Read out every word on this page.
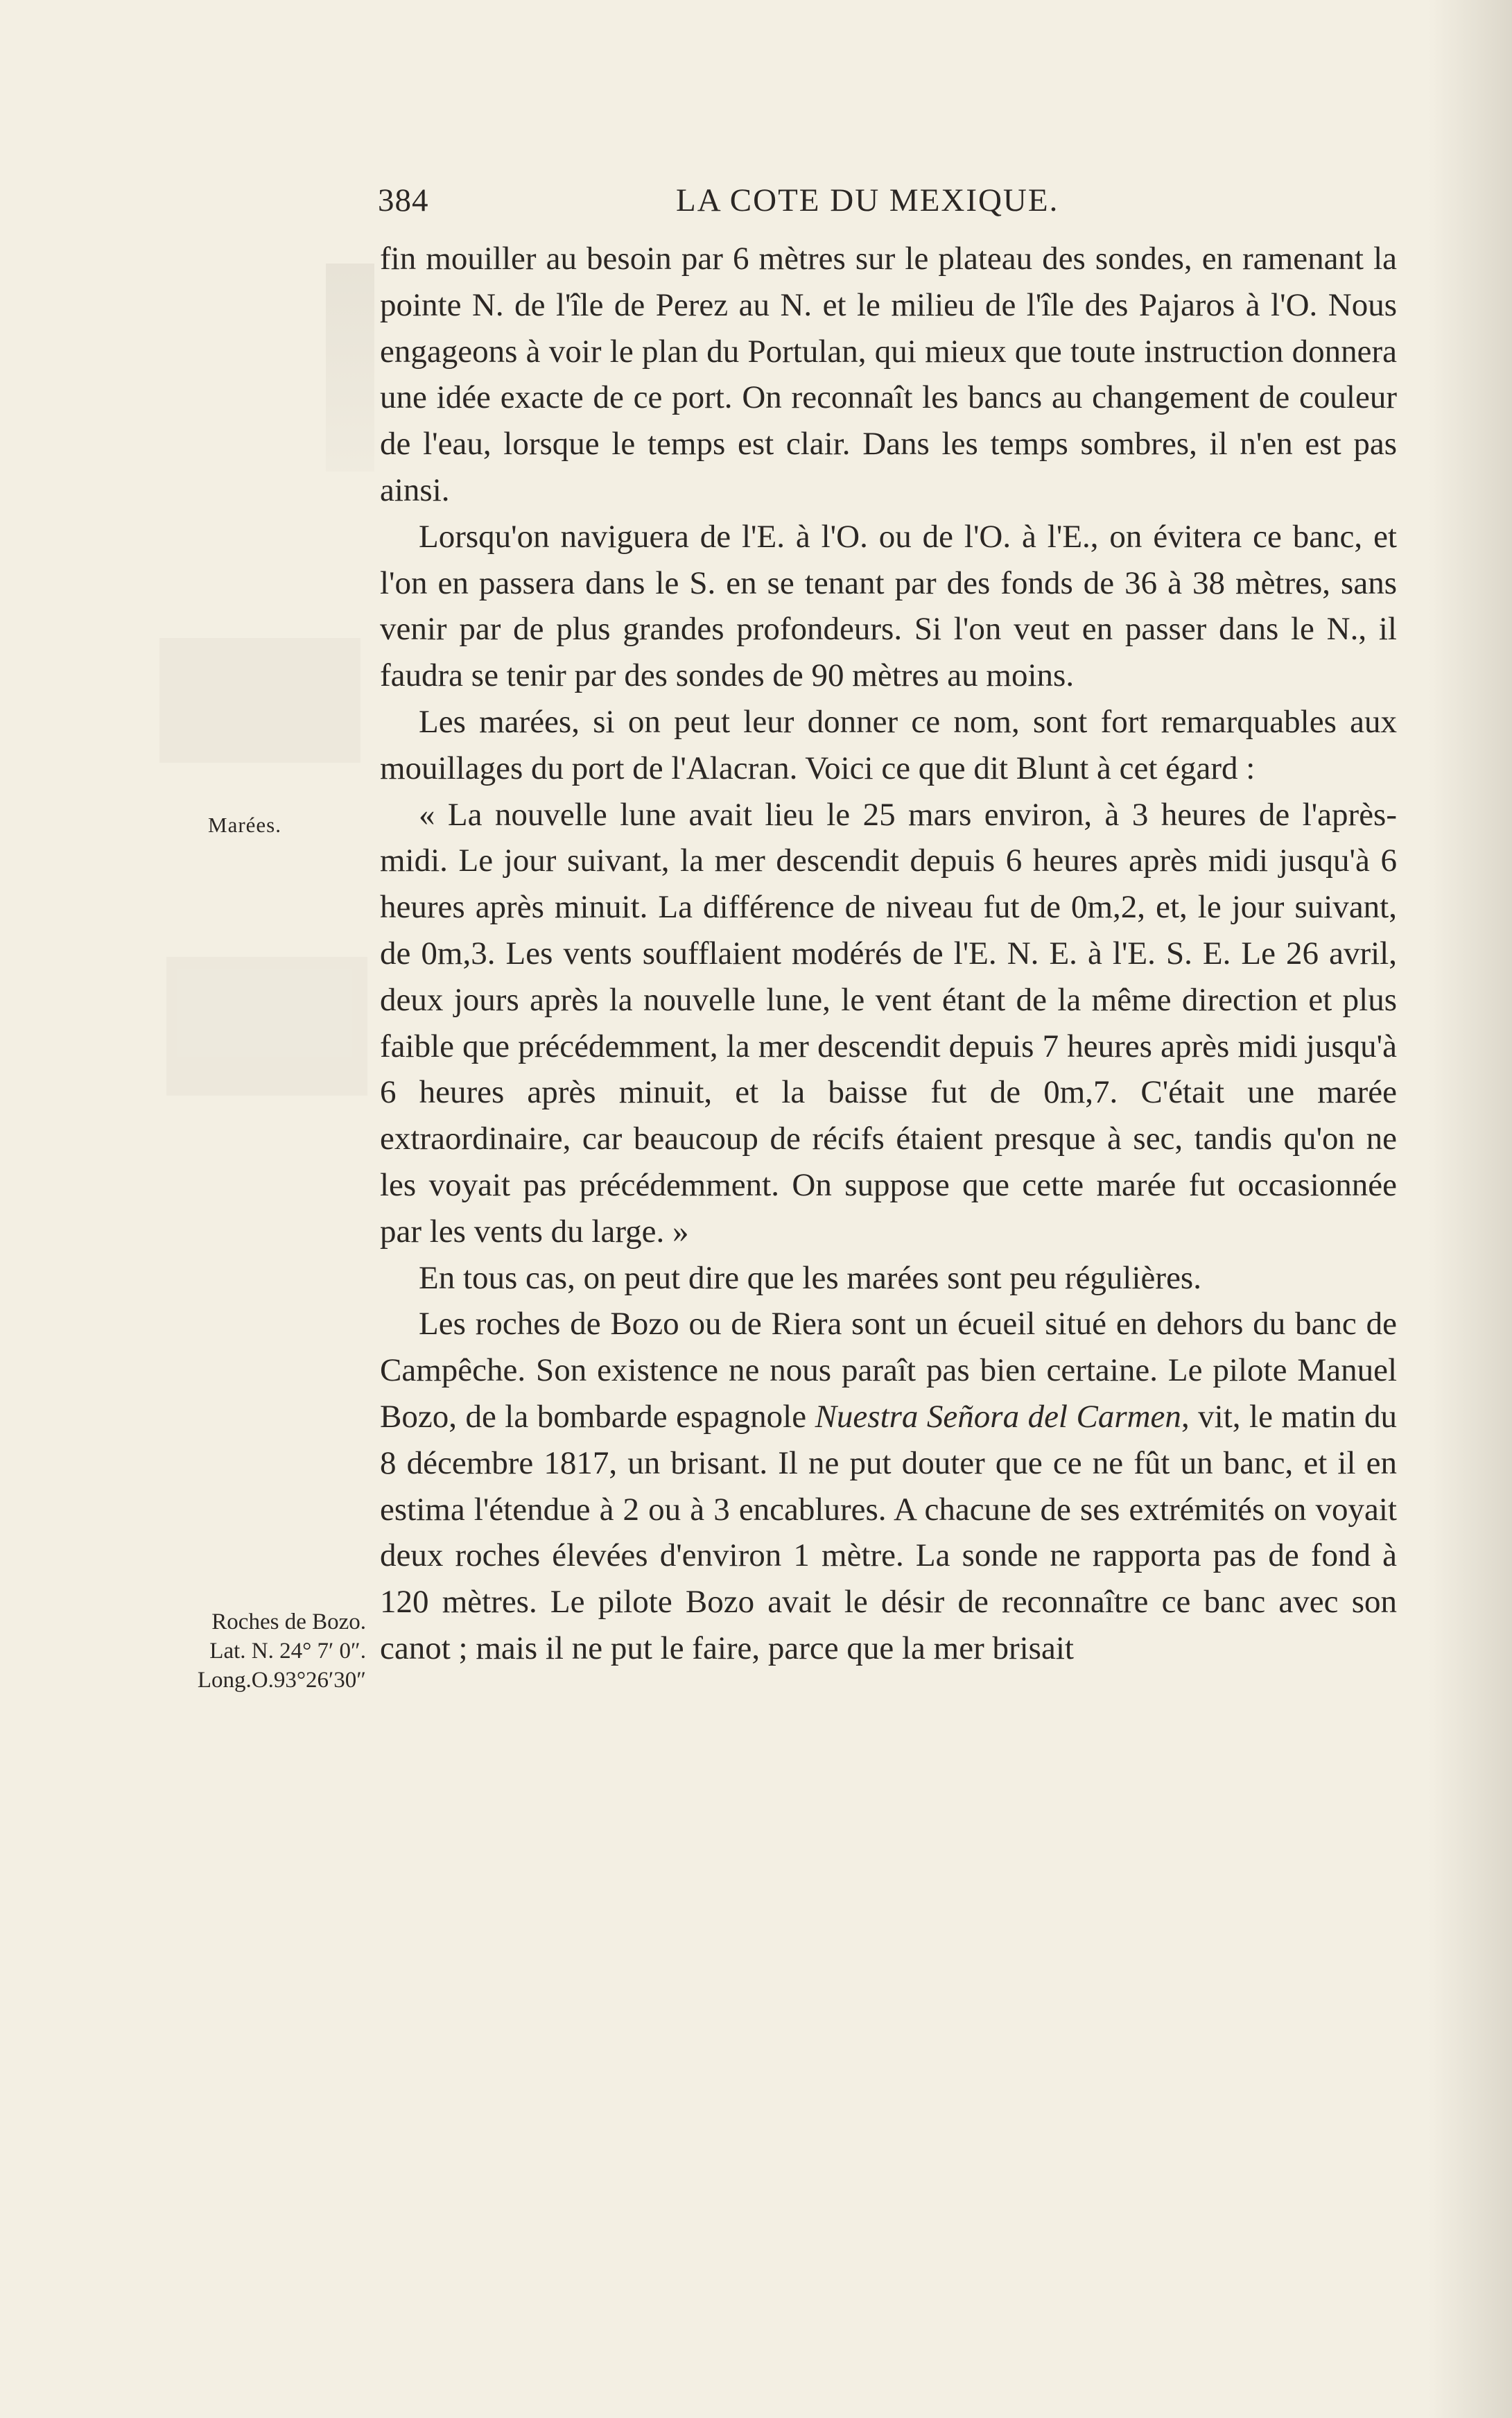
384	LA COTE DU MEXIQUE.
Marées.
Roches de Bozo.
Lat. N. 24° 7′ 0″.
Long.O.93°26′30″

fin mouiller au besoin par 6 mètres sur le plateau des sondes, en ramenant la pointe N. de l'île de Perez au N. et le milieu de l'île des Pajaros à l'O. Nous engageons à voir le plan du Portulan, qui mieux que toute instruction donnera une idée exacte de ce port. On reconnaît les bancs au changement de couleur de l'eau, lorsque le temps est clair. Dans les temps sombres, il n'en est pas ainsi.

Lorsqu'on naviguera de l'E. à l'O. ou de l'O. à l'E., on évitera ce banc, et l'on en passera dans le S. en se tenant par des fonds de 36 à 38 mètres, sans venir par de plus grandes profondeurs. Si l'on veut en passer dans le N., il faudra se tenir par des sondes de 90 mètres au moins.

Les marées, si on peut leur donner ce nom, sont fort remarquables aux mouillages du port de l'Alacran. Voici ce que dit Blunt à cet égard :

« La nouvelle lune avait lieu le 25 mars environ, à 3 heures de l'après-midi. Le jour suivant, la mer descendit depuis 6 heures après midi jusqu'à 6 heures après minuit. La différence de niveau fut de 0m,2, et, le jour suivant, de 0m,3. Les vents soufflaient modérés de l'E. N. E. à l'E. S. E. Le 26 avril, deux jours après la nouvelle lune, le vent étant de la même direction et plus faible que précédemment, la mer descendit depuis 7 heures après midi jusqu'à 6 heures après minuit, et la baisse fut de 0m,7. C'était une marée extraordinaire, car beaucoup de récifs étaient presque à sec, tandis qu'on ne les voyait pas précédemment. On suppose que cette marée fut occasionnée par les vents du large. »

En tous cas, on peut dire que les marées sont peu régulières.

Les roches de Bozo ou de Riera sont un écueil situé en dehors du banc de Campêche. Son existence ne nous paraît pas bien certaine. Le pilote Manuel Bozo, de la bombarde espagnole Nuestra Señora del Carmen, vit, le matin du 8 décembre 1817, un brisant. Il ne put douter que ce ne fût un banc, et il en estima l'étendue à 2 ou à 3 encablures. A chacune de ses extrémités on voyait deux roches élevées d'environ 1 mètre. La sonde ne rapporta pas de fond à 120 mètres. Le pilote Bozo avait le désir de reconnaître ce banc avec son canot ; mais il ne put le faire, parce que la mer brisait
